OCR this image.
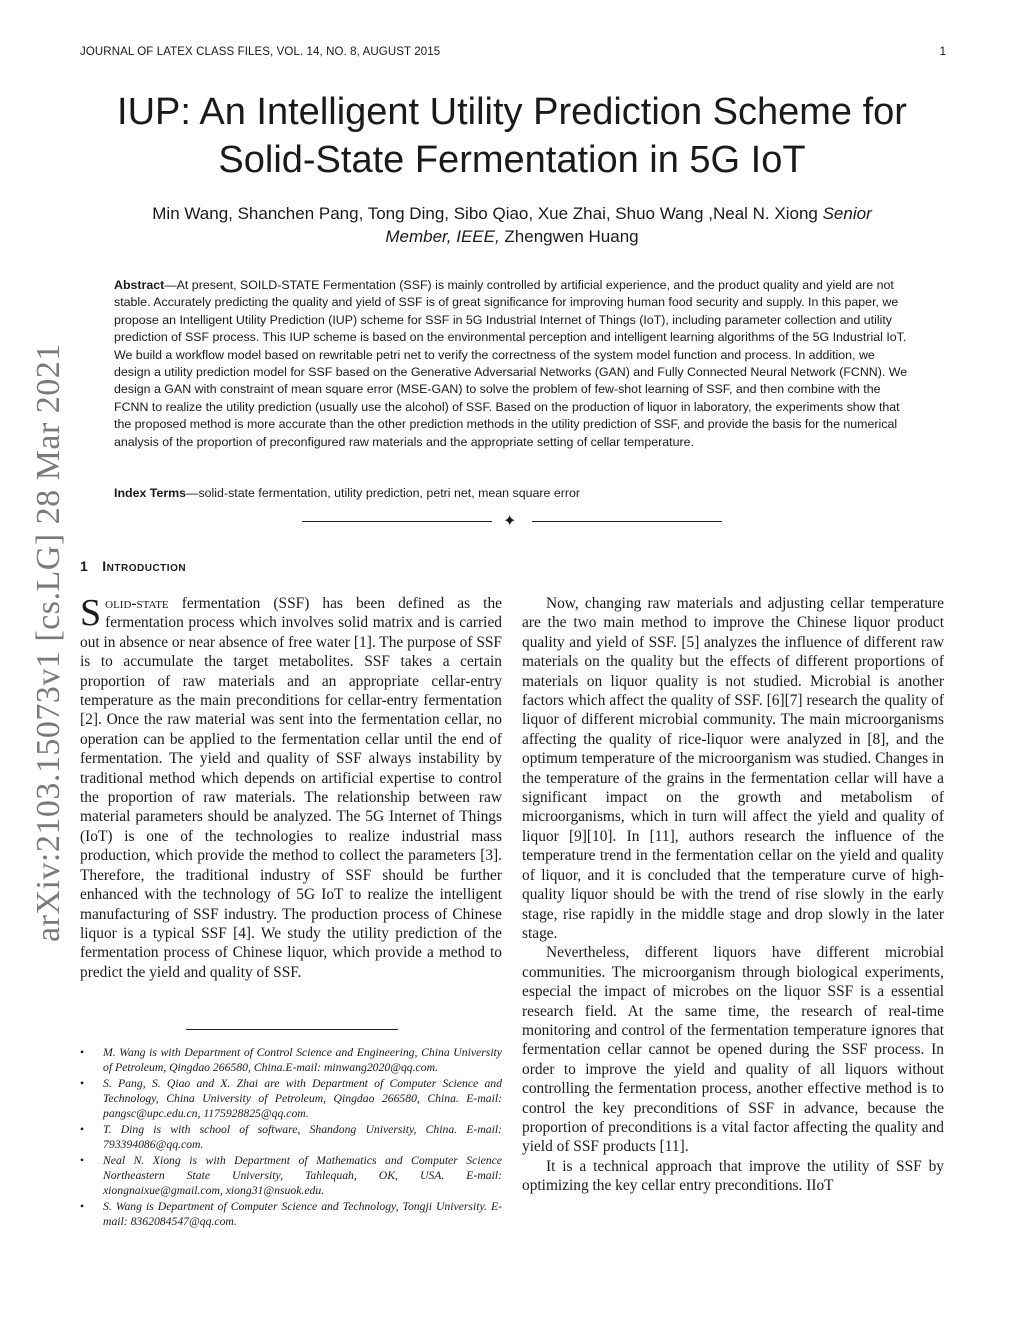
JOURNAL OF LATEX CLASS FILES, VOL. 14, NO. 8, AUGUST 2015	1
arXiv:2103.15073v1 [cs.LG] 28 Mar 2021
IUP: An Intelligent Utility Prediction Scheme for
Solid-State Fermentation in 5G IoT
Min Wang, Shanchen Pang, Tong Ding, Sibo Qiao, Xue Zhai, Shuo Wang ,Neal N. Xiong Senior
Member, IEEE, Zhengwen Huang
Abstract—At present, SOILD-STATE Fermentation (SSF) is mainly controlled by artificial experience, and the product quality and yield are not stable. Accurately predicting the quality and yield of SSF is of great significance for improving human food security and supply. In this paper, we propose an Intelligent Utility Prediction (IUP) scheme for SSF in 5G Industrial Internet of Things (IoT), including parameter collection and utility prediction of SSF process. This IUP scheme is based on the environmental perception and intelligent learning algorithms of the 5G Industrial IoT. We build a workflow model based on rewritable petri net to verify the correctness of the system model function and process. In addition, we design a utility prediction model for SSF based on the Generative Adversarial Networks (GAN) and Fully Connected Neural Network (FCNN). We design a GAN with constraint of mean square error (MSE-GAN) to solve the problem of few-shot learning of SSF, and then combine with the FCNN to realize the utility prediction (usually use the alcohol) of SSF. Based on the production of liquor in laboratory, the experiments show that the proposed method is more accurate than the other prediction methods in the utility prediction of SSF, and provide the basis for the numerical analysis of the proportion of preconfigured raw materials and the appropriate setting of cellar temperature.
Index Terms—solid-state fermentation, utility prediction, petri net, mean square error
✦
1 Introduction

Solid-state fermentation (SSF) has been defined as the fermentation process which involves solid matrix and is carried out in absence or near absence of free water [1]. The purpose of SSF is to accumulate the target metabolites. SSF takes a certain proportion of raw materials and an appropriate cellar-entry temperature as the main preconditions for cellar-entry fermentation [2]. Once the raw material was sent into the fermentation cellar, no operation can be applied to the fermentation cellar until the end of fermentation. The yield and quality of SSF always instability by traditional method which depends on artificial expertise to control the proportion of raw materials. The relationship between raw material parameters should be analyzed. The 5G Internet of Things (IoT) is one of the technologies to realize industrial mass production, which provide the method to collect the parameters [3]. Therefore, the traditional industry of SSF should be further enhanced with the technology of 5G IoT to realize the intelligent manufacturing of SSF industry. The production process of Chinese liquor is a typical SSF [4]. We study the utility prediction of the fermentation process of Chinese liquor, which provide a method to predict the yield and quality of SSF.

• M. Wang is with Department of Control Science and Engineering, China University of Petroleum, Qingdao 266580, China.E-mail: minwang2020@qq.com.
• S. Pang, S. Qiao and X. Zhai are with Department of Computer Science and Technology, China University of Petroleum, Qingdao 266580, China. E-mail: pangsc@upc.edu.cn, 1175928825@qq.com.
• T. Ding is with school of software, Shandong University, China. E-mail: 793394086@qq.com.
• Neal N. Xiong is with Department of Mathematics and Computer Science Northeastern State University, Tahlequah, OK, USA. E-mail: xiongnaixue@gmail.com, xiong31@nsuok.edu.
• S. Wang is Department of Computer Science and Technology, Tongji University. E-mail: 8362084547@qq.com.

Now, changing raw materials and adjusting cellar temperature are the two main method to improve the Chinese liquor product quality and yield of SSF. [5] analyzes the influence of different raw materials on the quality but the effects of different proportions of materials on liquor quality is not studied. Microbial is another factors which affect the quality of SSF. [6][7] research the quality of liquor of different microbial community. The main microorganisms affecting the quality of rice-liquor were analyzed in [8], and the optimum temperature of the microorganism was studied. Changes in the temperature of the grains in the fermentation cellar will have a significant impact on the growth and metabolism of microorganisms, which in turn will affect the yield and quality of liquor [9][10]. In [11], authors research the influence of the temperature trend in the fermentation cellar on the yield and quality of liquor, and it is concluded that the temperature curve of high-quality liquor should be with the trend of rise slowly in the early stage, rise rapidly in the middle stage and drop slowly in the later stage.

Nevertheless, different liquors have different microbial communities. The microorganism through biological experiments, especial the impact of microbes on the liquor SSF is a essential research field. At the same time, the research of real-time monitoring and control of the fermentation temperature ignores that fermentation cellar cannot be opened during the SSF process. In order to improve the yield and quality of all liquors without controlling the fermentation process, another effective method is to control the key preconditions of SSF in advance, because the proportion of preconditions is a vital factor affecting the quality and yield of SSF products [11].

It is a technical approach that improve the utility of SSF by optimizing the key cellar entry preconditions. IIoT
